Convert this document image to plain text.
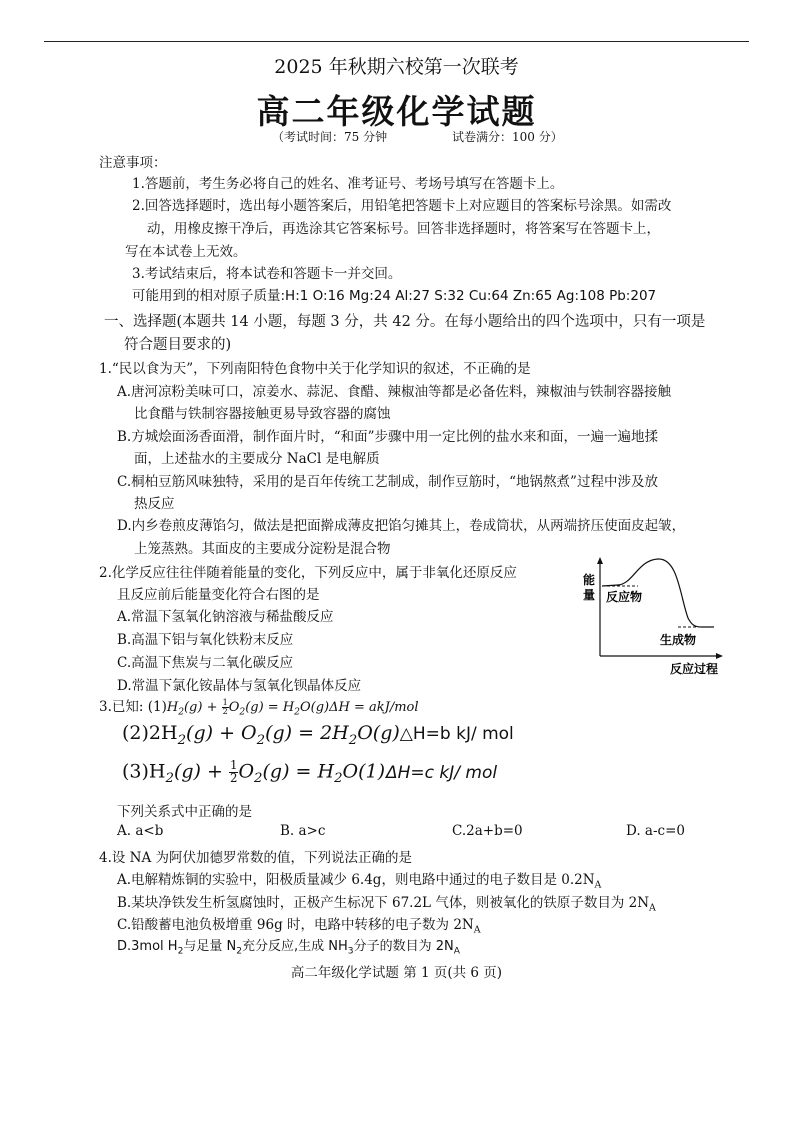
2025 年秋期六校第一次联考
高二年级化学试题
（考试时间：75 分钟	试卷满分：100 分）
注意事项：
1.答题前，考生务必将自己的姓名、准考证号、考场号填写在答题卡上。
2.回答选择题时，选出每小题答案后，用铅笔把答题卡上对应题目的答案标号涂黑。如需改
动，用橡皮擦干净后，再选涂其它答案标号。回答非选择题时，将答案写在答题卡上，
写在本试卷上无效。
3.考试结束后，将本试卷和答题卡一并交回。
可能用到的相对原子质量:H:1 O:16 Mg:24 Al:27 S:32 Cu:64 Zn:65 Ag:108 Pb:207
一、选择题(本题共 14 小题，每题 3 分，共 42 分。在每小题给出的四个选项中，只有一项是
符合题目要求的)
1.“民以食为天”，下列南阳特色食物中关于化学知识的叙述，不正确的是
A.唐河凉粉美味可口，凉姜水、蒜泥、食醋、辣椒油等都是必备佐料，辣椒油与铁制容器接触
比食醋与铁制容器接触更易导致容器的腐蚀
B.方城烩面汤香面滑，制作面片时，“和面”步骤中用一定比例的盐水来和面，一遍一遍地揉
面，上述盐水的主要成分 NaCl 是电解质
C.桐柏豆筋风味独特，采用的是百年传统工艺制成，制作豆筋时，“地锅熬煮”过程中涉及放
热反应
D.内乡卷煎皮薄馅匀，做法是把面擀成薄皮把馅匀摊其上，卷成筒状，从两端挤压使面皮起皱，
上笼蒸熟。其面皮的主要成分淀粉是混合物
2.化学反应往往伴随着能量的变化，下列反应中，属于非氧化还原反应
且反应前后能量变化符合右图的是
A.常温下氢氧化钠溶液与稀盐酸反应
B.高温下铝与氧化铁粉末反应
C.高温下焦炭与二氧化碳反应
D.常温下氯化铵晶体与氢氧化钡晶体反应
能
量 反应物
生成物
反应过程
3.已知: $(1)H_2(g) + \frac{1}{2} O_2(g) = H_2O(g)\Delta H = akJ/mol$
$(2)2H_2(g) + O_2(g)$ = $2H_2O(g)\triangle H=b$ kJ/ mol
$(3)H_2(g) + \frac{1}{2} O_2(g) = H_2O(1)$ ΔH=c kJ/ mol
下列关系式中正确的是
A. a<b	B. a>c	C.2a+b=0	D. a-c=0
4.设 NA 为阿伏加德罗常数的值，下列说法正确的是
A.电解精炼铜的实验中，阳极质量减少 6.4g，则电路中通过的电子数目是 $0.2N_A$
B.某块净铁发生析氢腐蚀时，正极产生标况下 67.2L 气体，则被氧化的铁原子数目为 $2N_A$
C.铅酸蓄电池负极增重 96g 时，电路中转移的电子数为 $2N_A$
D.3mol $H_2$与足量 $N_2$充分反应,生成 $NH_3$分子的数目为 $2N_A$
高二年级化学试题 第 1 页(共 6 页)
